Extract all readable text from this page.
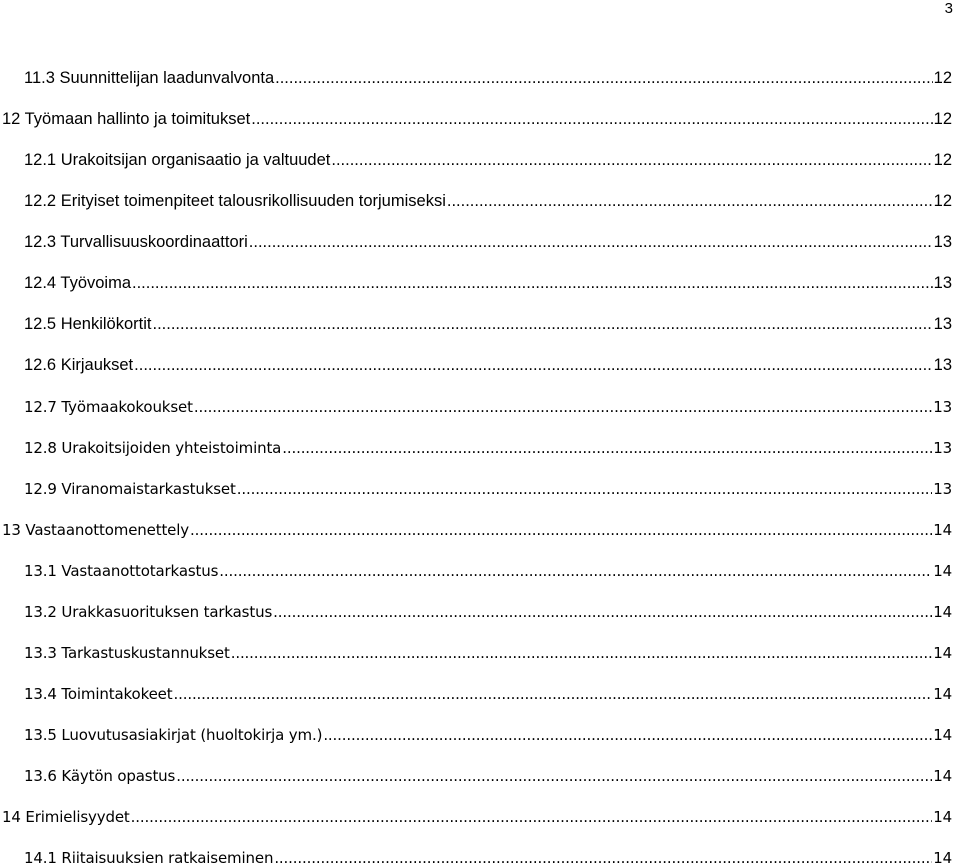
3
11.3 Suunnittelijan laadunvalvonta .....	12
12 Työmaan hallinto ja toimitukset .....	12
12.1 Urakoitsijan organisaatio ja valtuudet .....	12
12.2 Erityiset toimenpiteet talousrikollisuuden torjumiseksi .....	12
12.3 Turvallisuuskoordinaattori .....	13
12.4 Työvoima .....	13
12.5 Henkilökortit .....	13
12.6 Kirjaukset .....	13
12.7 Työmaakokoukset .....	13
12.8 Urakoitsijoiden yhteistoiminta .....	13
12.9 Viranomaistarkastukset .....	13
13 Vastaanottomenettely .....	14
13.1 Vastaanottotarkastus .....	14
13.2 Urakkasuorituksen tarkastus .....	14
13.3 Tarkastuskustannukset .....	14
13.4 Toimintakokeet .....	14
13.5 Luovutusasiakirjat (huoltokirja ym.) .....	14
13.6 Käytön opastus .....	14
14 Erimielisyydet .....	14
14.1 Riitaisuuksien ratkaiseminen .....	14
